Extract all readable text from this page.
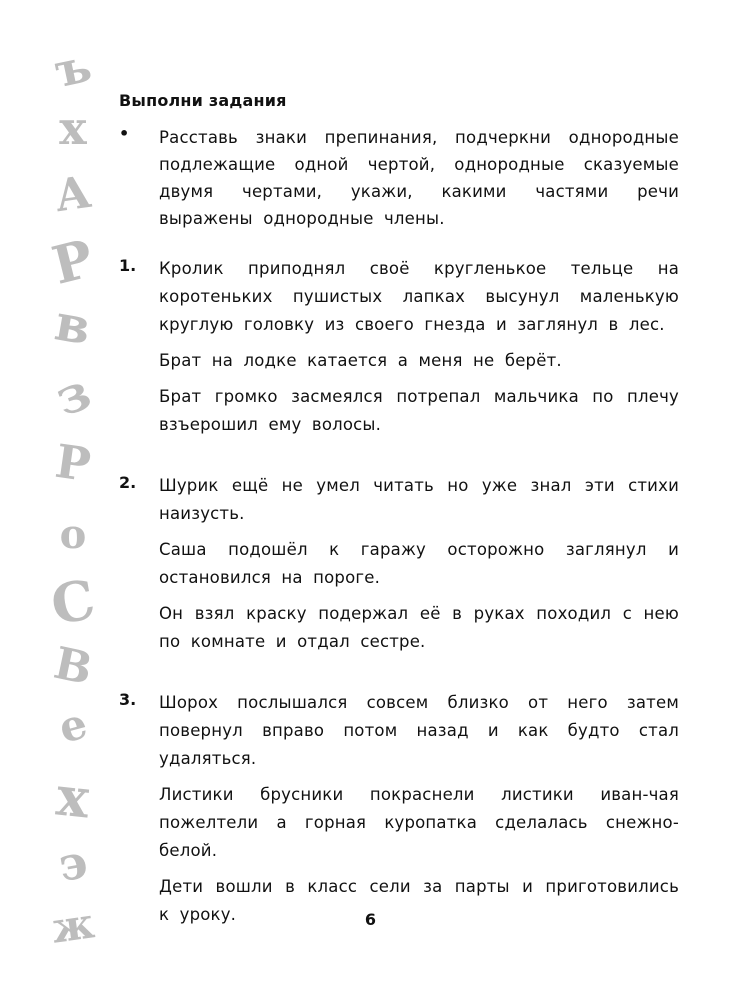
ъ
х
А
Р
в
з
Р
о
С
В
е
х
э
ж
Выполни задания
• Расставь знаки препинания, подчеркни однородные подлежащие одной чертой, однородные сказуемые двумя чертами, укажи, какими частями речи выражены однородные члены.
1. Кролик приподнял своё кругленькое тельце на коротеньких пушистых лапках высунул маленькую круглую головку из своего гнезда и заглянул в лес.
Брат на лодке катается а меня не берёт.
Брат громко засмеялся потрепал мальчика по плечу взъерошил ему волосы.
2. Шурик ещё не умел читать но уже знал эти стихи наизусть.
Саша подошёл к гаражу осторожно заглянул и остановился на пороге.
Он взял краску подержал её в руках походил с нею по комнате и отдал сестре.
3. Шорох послышался совсем близко от него затем повернул вправо потом назад и как будто стал удаляться.
Листики брусники покраснели листики иван-чая пожелтели а горная куропатка сделалась снежно-белой.
Дети вошли в класс сели за парты и приготовились к уроку.	6
